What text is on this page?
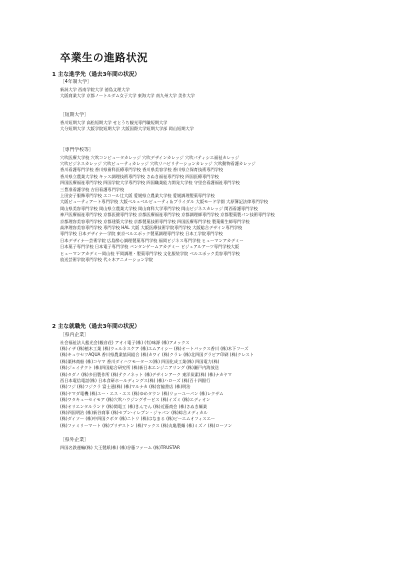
卒業生の進路状況
1 主な進学先（過去3年間の状況）
［4年制大学］
新潟大学 西南学院大学 徳島文理大学
大阪商業大学 京都ノートルダム女子大学 東海大学 南九州大学 美作大学
［短期大学］
香川短期大学 高松短期大学 せとうち観光専門職短期大学
大分短期大学 大阪学院短期大学 大阪国際大学短期大学部 岡山短期大学
［専門学校等］
穴吹医療大学校 穴吹コンピュータカレッジ 穴吹デザインカレッジ 穴吹パティシエ福祉カレッジ
穴吹ビジネスカレッジ 穴吹ビューティカレッジ 穴吹リハビリテーションカレッジ 穴吹動物看護カレッジ
香川看護専門学校 香川県歯科医療専門学校 香川県美容学校 香川県立保育技術専門学校
香川県立農業大学校 キッス調理技術専門学校 さぬき福祉専門学校 四国医療専門学校
四国医療福祉専門学校 四国学院大学専門学校 四国職業能力開発大学校 守里会看護福祉専門学校
三豊准看護学校 吉田看護専門学校
上田安子服飾専門学校 エコール辻大阪 愛媛県立農業大学校 愛媛調理製菓専門学校
大阪ビューティアート専門学校 大阪ベルェベルビューティ＆ブライダル 大阪モード学園 大原簿記法律専門学校
岡山県美容専門学校 岡山県立農業大学校 岡山商科大学専門学校 岡山ビジネスカレッジ 関西看護専門学校
神戸医療福祉専門学校 京都医健専門学校 京都医療福祉専門学校 京都調理師専門学校 京都製菓製パン技術専門学校
京都理容美容専門学校 京都建築大学校 京都製菓技術専門学校 四国医療専門学校 製菓衛生師専門学校
高津理容美容専門学校 専門学校 HAL 大阪 大阪医療技術学院専門学校 大阪総合デザイン専門学校
専門学校 日本デザイナー学院 東京ベルエポック製菓調理専門学校 日本工学院専門学校
日本デザイナー芸術学院 広島酔心調理製菓専門学校 福岡ビジネス専門学校 ヒューマンアカデミー
日本菓子専門学校 日本電子専門学校 バンタンゲームアカデミー ビジュアルアーツ専門学校大阪
ヒューマンアカデミー岡山校 平岡調理・製菓専門学校 文化服装学院 ベルエポック美容専門学校
放送芸術学院専門学校 代々木アニメーション学院
2 主な就職先（過去3年間の状況）
［県内企業］
社会福祉法人慈光会(観音荘) アオイ電子(株) (有)味源 (株)アメックス
(株)イザ (株)植木工業 (株)ウェルネスケア (株)エムアイシー (株)オートバックス香川 (株)木下フーズ
(株)キュウセツAQUA 香川県農業協同組合 (株)カワイ (株)クラレ (株)北四国グラビア印刷 (株)クレスト
(株)栗林商船 (株)コヤマ 香川ダイハツモータース(株) 四国化成工業(株) 四国電力(株)
(株)ジェイテクト (株)四国総合研究所 (株)新日本エンジニアリング (株)瀬戸内海放送
(株)タダノ (株)多田製作所 (株)テクノネット (株)デザインアーク 東洋炭素(株) (株)ナカヤマ
西日本電信電話(株) 日本食研ホールディングス(株) (株)ハローズ (株)百十四銀行
(株)フジ (株)フジクラ 富士通(株) (株)マルナカ (株)宮脇書店 (株)明治
(株)ヤマダ電機 (株)ユー・エス・エス (株)ゆめタウン (株)リョーユーパン (株)レクザム
(株)ワタキューセイモア (株)穴吹ハウジングサービス (株)イズミ (株)エディオン
(株)オリエンタルランド (株)関電工 (株)きんでん (株)近藤商会 (株)さぬき麺業
(株)四国明治 (株)新谷商事 (株)セブン-イレブン・ジャパン (株)綜合メディカル
(株)ダイソー (株)中四国クボタ (株)ニトリ (株)はなまる (株)ピーエムオフィスエー
(株)ファミリーマート (株)ブリヂストン (株)マックス (株)丸亀製麺 (株)ミズノ (株)ローソン
［県外企業］
四国名鉄運輸(株) 大王製紙(株) (株)谷藤ファーム (株)TRUSTAR
